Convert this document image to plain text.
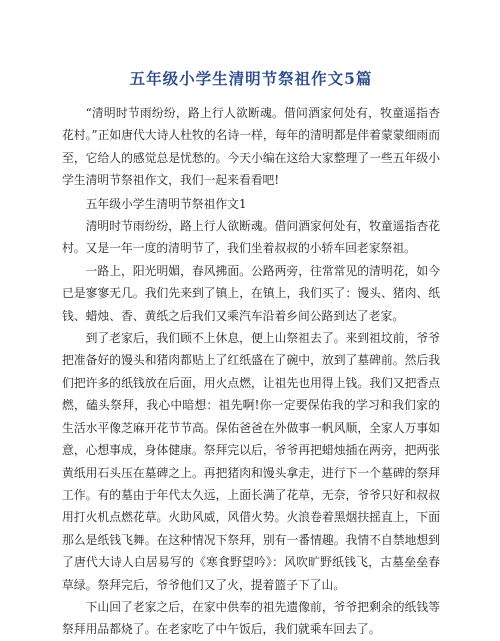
五年级小学生清明节祭祖作文5篇

“清明时节雨纷纷，路上行人欲断魂。借问酒家何处有，牧童遥指杏花村。”正如唐代大诗人杜牧的名诗一样，每年的清明都是伴着蒙蒙细雨而至，它给人的感觉总是忧愁的。今天小编在这给大家整理了一些五年级小学生清明节祭祖作文，我们一起来看看吧!

五年级小学生清明节祭祖作文1

清明时节雨纷纷，路上行人欲断魂。借问酒家何处有，牧童遥指杏花村。又是一年一度的清明节了，我们坐着叔叔的小轿车回老家祭祖。

一路上，阳光明媚，春风拂面。公路两旁，往常常见的清明花，如今已是寥寥无几。我们先来到了镇上，在镇上，我们买了：馒头、猪肉、纸钱、蜡烛、香、黄纸之后我们又乘汽车沿着乡间公路到达了老家。

到了老家后，我们顾不上休息，便上山祭祖去了。来到祖坟前，爷爷把准备好的馒头和猪肉都贴上了红纸盛在了碗中，放到了墓碑前。然后我们把许多的纸钱放在后面，用火点燃，让祖先也用得上钱。我们又把香点燃，磕头祭拜，我心中暗想：祖先啊!你一定要保佑我的学习和我们家的生活水平像芝麻开花节节高。保佑爸爸在外做事一帆风顺，全家人万事如意，心想事成，身体健康。祭拜完以后，爷爷再把蜡烛插在两旁，把两张黄纸用石头压在墓碑之上。再把猪肉和馒头拿走，进行下一个墓碑的祭拜工作。有的墓由于年代太久远，上面长满了花草，无奈，爷爷只好和叔叔用打火机点燃花草。火助风威，风借火势。火浪卷着黑烟扶摇直上，下面那么是纸钱飞舞。在这种情况下祭拜，别有一番情趣。我情不自禁地想到了唐代大诗人白居易写的《寒食野望吟》：风吹旷野纸钱飞，古墓垒垒春草绿。祭拜完后，爷爷他们又了火，提着篮子下了山。

下山回了老家之后，在家中供奉的祖先遗像前，爷爷把剩余的纸钱等祭拜用品都烧了。在老家吃了中午饭后，我们就乘车回去了。
